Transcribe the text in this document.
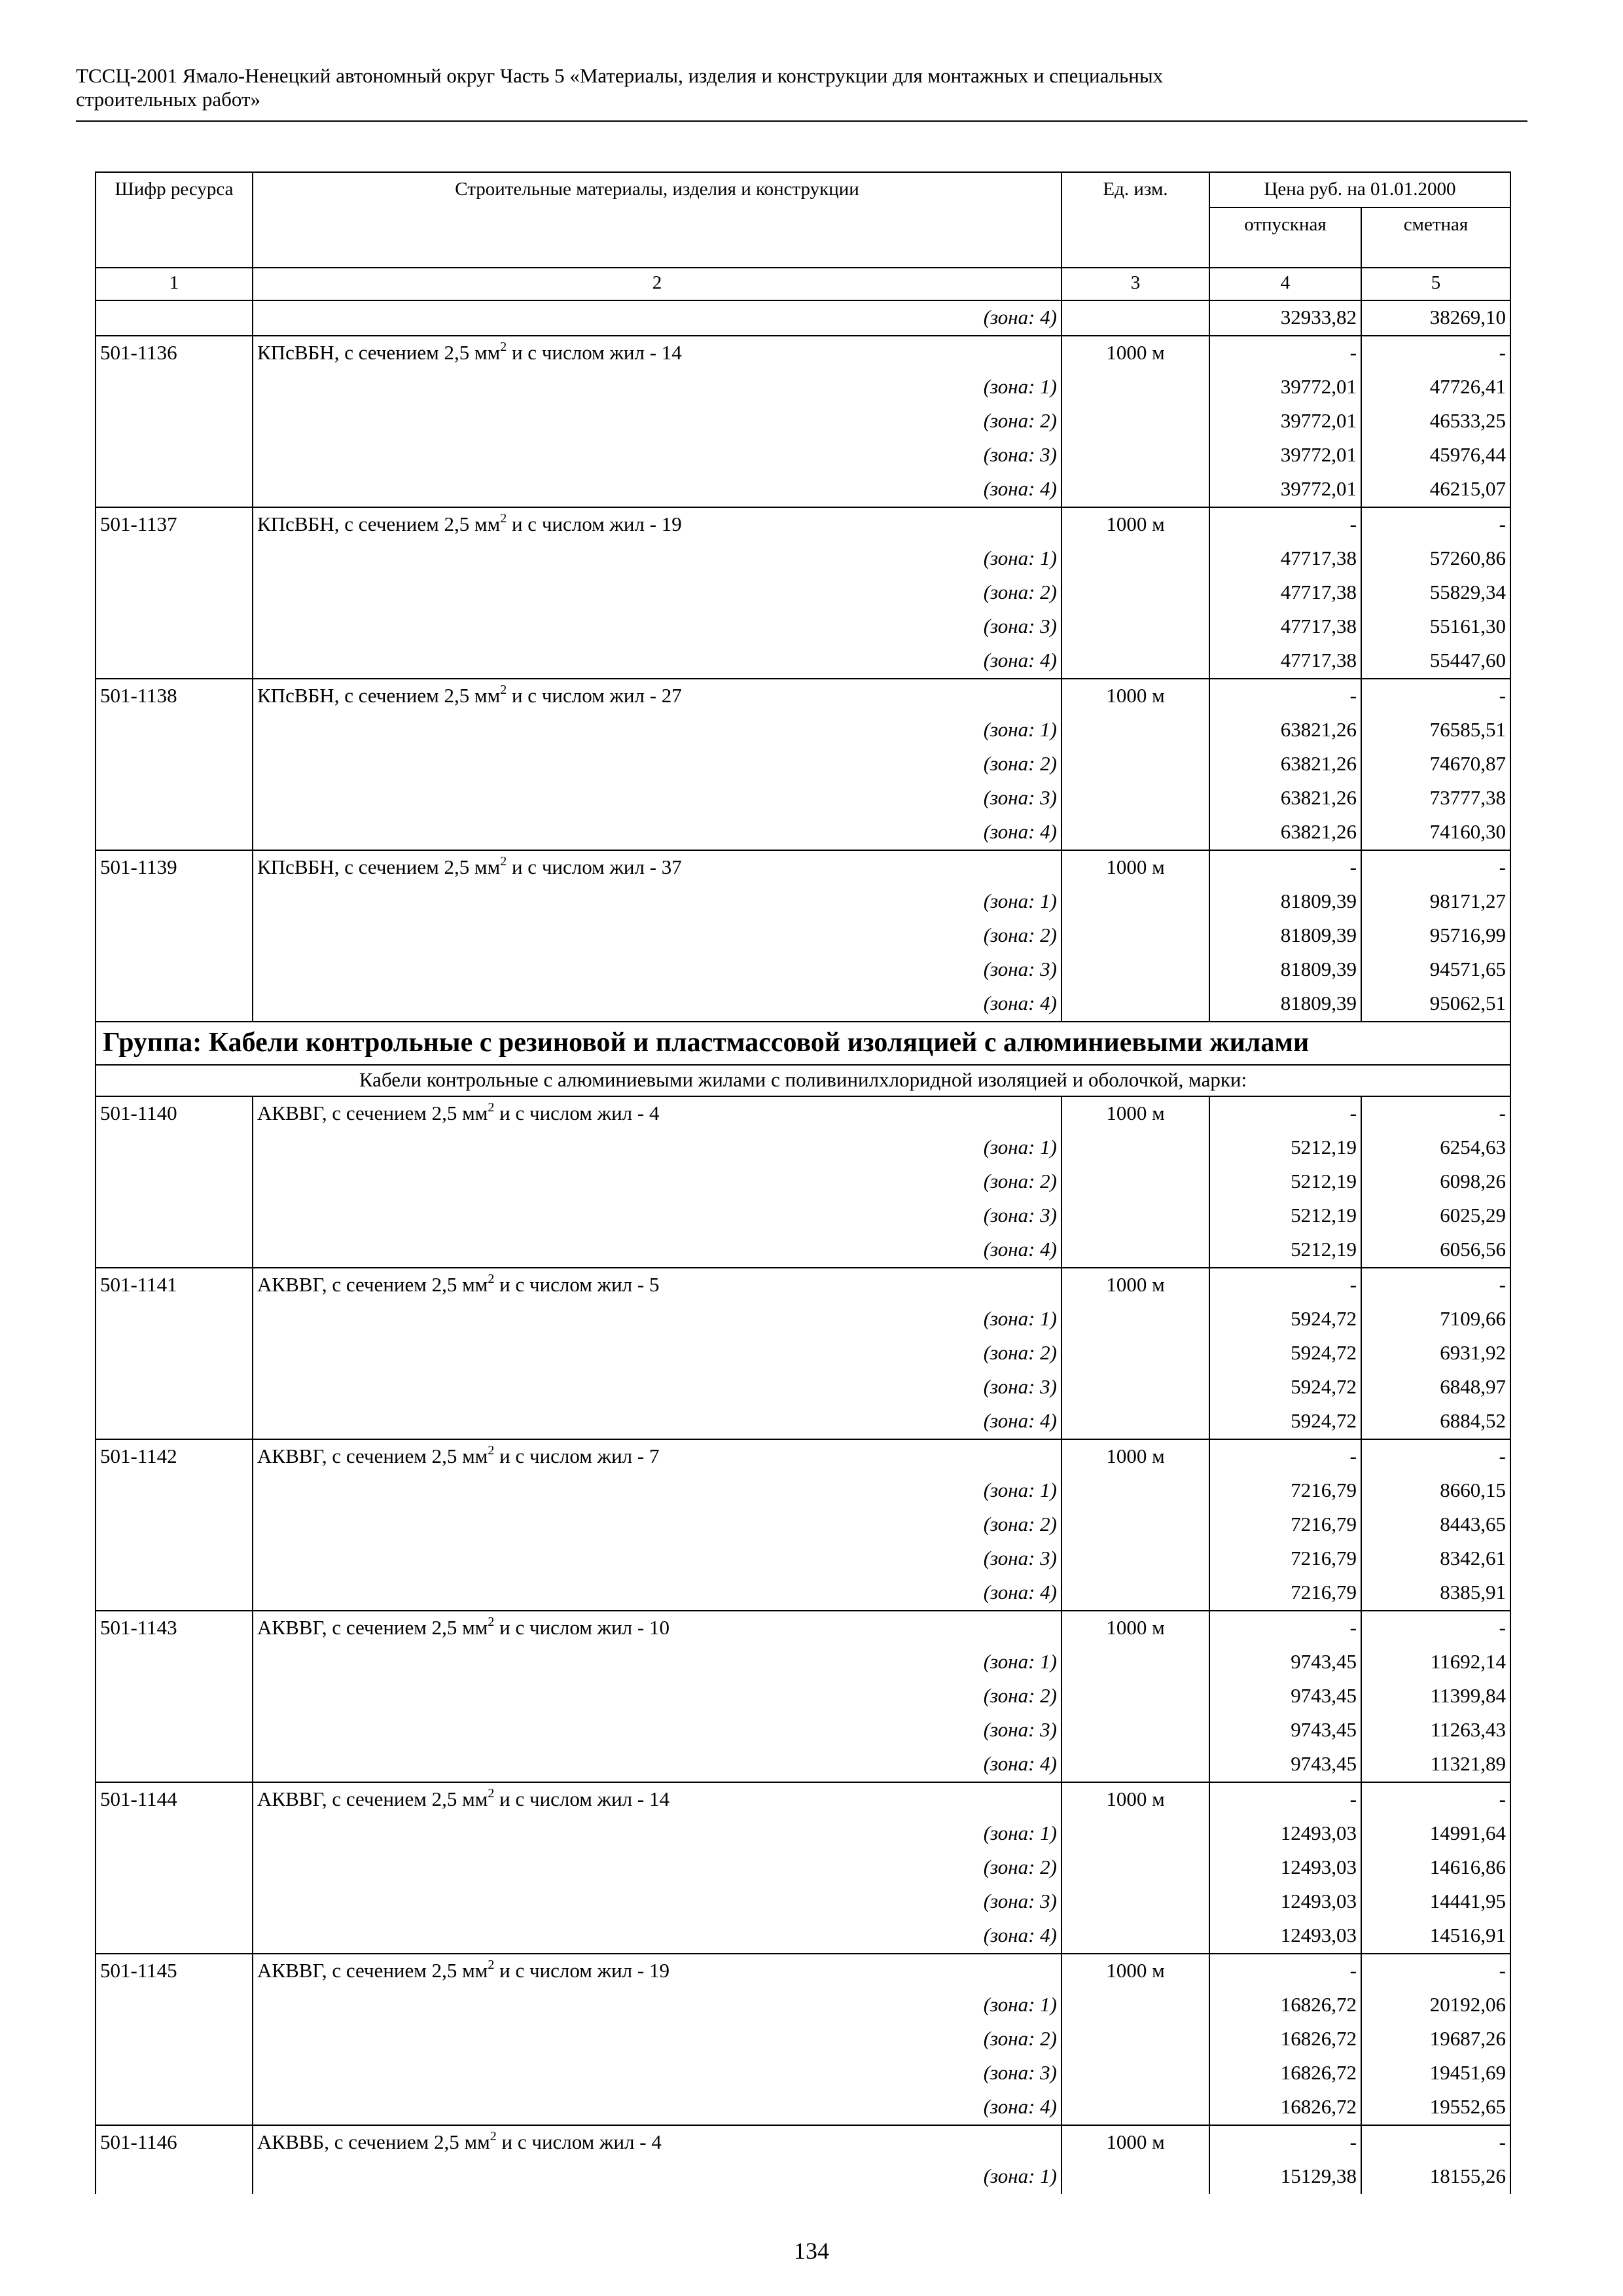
ТССЦ-2001 Ямало-Ненецкий автономный округ Часть 5 «Материалы, изделия и конструкции для монтажных и специальных
строительных работ»
Шифр ресурса	Строительные материалы, изделия и конструкции	Ед. изм.	Цена руб. на 01.01.2000	
			отпускная	сметная
1	2	3	4	5
	(зона: 4)		32933,82	38269,10
501-1136	КПсВБН, с сечением 2,5 $мм^2$ и с числом жил - 14	1000 м	-	-
	(зона: 1)		39772,01	47726,41
	(зона: 2)		39772,01	46533,25
	(зона: 3)		39772,01	45976,44
	(зона: 4)		39772,01	46215,07
501-1137	КПсВБН, с сечением 2,5 $мм^2$ и с числом жил - 19	1000 м	-	-
	(зона: 1)		47717,38	57260,86
	(зона: 2)		47717,38	55829,34
	(зона: 3)		47717,38	55161,30
	(зона: 4)		47717,38	55447,60
501-1138	КПсВБН, с сечением 2,5 $мм^2$ и с числом жил - 27	1000 м	-	-
	(зона: 1)		63821,26	76585,51
	(зона: 2)		63821,26	74670,87
	(зона: 3)		63821,26	73777,38
	(зона: 4)		63821,26	74160,30
501-1139	КПсВБН, с сечением 2,5 $мм^2$ и с числом жил - 37	1000 м	-	-
	(зона: 1)		81809,39	98171,27
	(зона: 2)		81809,39	95716,99
	(зона: 3)		81809,39	94571,65
	(зона: 4)		81809,39	95062,51
Группа: Кабели контрольные с резиновой и пластмассовой изоляцией с алюминиевыми жилами				
Кабели контрольные с алюминиевыми жилами с поливинилхлоридной изоляцией и оболочкой, марки:				
501-1140	АКВВГ, с сечением 2,5 $мм^2$ и с числом жил - 4	1000 м	-	-
	(зона: 1)		5212,19	6254,63
	(зона: 2)		5212,19	6098,26
	(зона: 3)		5212,19	6025,29
	(зона: 4)		5212,19	6056,56
501-1141	АКВВГ, с сечением 2,5 $мм^2$ и с числом жил - 5	1000 м	-	-
	(зона: 1)		5924,72	7109,66
	(зона: 2)		5924,72	6931,92
	(зона: 3)		5924,72	6848,97
	(зона: 4)		5924,72	6884,52
501-1142	АКВВГ, с сечением 2,5 $мм^2$ и с числом жил - 7	1000 м	-	-
	(зона: 1)		7216,79	8660,15
	(зона: 2)		7216,79	8443,65
	(зона: 3)		7216,79	8342,61
	(зона: 4)		7216,79	8385,91
501-1143	АКВВГ, с сечением 2,5 $мм^2$ и с числом жил - 10	1000 м	-	-
	(зона: 1)		9743,45	11692,14
	(зона: 2)		9743,45	11399,84
	(зона: 3)		9743,45	11263,43
	(зона: 4)		9743,45	11321,89
501-1144	АКВВГ, с сечением 2,5 $мм^2$ и с числом жил - 14	1000 м	-	-
	(зона: 1)		12493,03	14991,64
	(зона: 2)		12493,03	14616,86
	(зона: 3)		12493,03	14441,95
	(зона: 4)		12493,03	14516,91
501-1145	АКВВГ, с сечением 2,5 $мм^2$ и с числом жил - 19	1000 м	-	-
	(зона: 1)		16826,72	20192,06
	(зона: 2)		16826,72	19687,26
	(зона: 3)		16826,72	19451,69
	(зона: 4)		16826,72	19552,65
501-1146	АКВВБ, с сечением 2,5 $мм^2$ и с числом жил - 4	1000 м	-	-
	(зона: 1)		15129,38	18155,26
134
